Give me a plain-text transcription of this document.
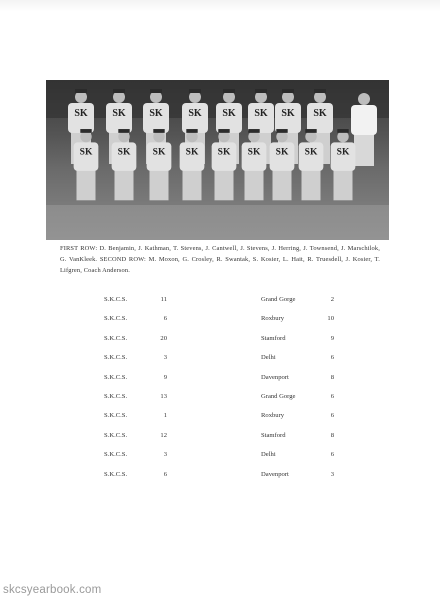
SK SK SK	SK SK SK SK SK
SK	SK SK SK SK SK SK SK SK
FIRST ROW: D. Benjamin, J. Kathman, T. Stevens, J. Cantwell, J. Stevens, J. Herring, J. Townsend, J. Marschilok, G. VanKleek. SECOND ROW: M. Moxon, G. Crosley, R. Swantak, S. Kosier, L. Hait, R. Truesdell, J. Kosier, T. Lifgren, Coach Anderson.
S.K.C.S.	11	Grand Gorge	2
S.K.C.S.	6	Roxbury	10
S.K.C.S.	20	Stamford	9
S.K.C.S.	3	Delhi	6
S.K.C.S.	9	Davenport	8
S.K.C.S.	13	Grand Gorge	6
S.K.C.S.	1	Roxbury	6
S.K.C.S.	12	Stamford	8
S.K.C.S.	3	Delhi	6
S.K.C.S.	6	Davenport	3
skcsyearbook.com
